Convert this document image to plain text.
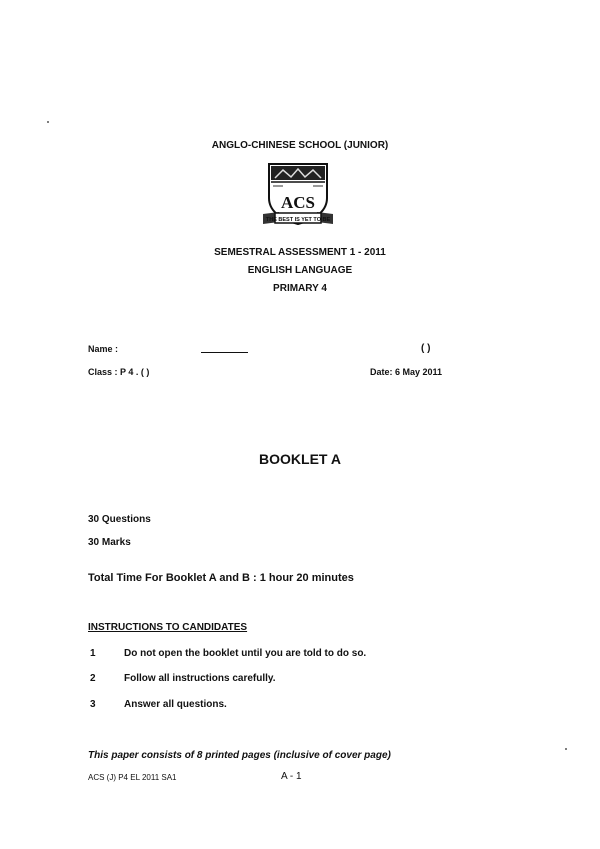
ANGLO-CHINESE SCHOOL (JUNIOR)
ACS
THE BEST IS YET TO BE
SEMESTRAL ASSESSMENT 1 - 2011
ENGLISH LANGUAGE
PRIMARY 4
Name :	( )
Class : P 4 . ( )	Date: 6 May 2011
BOOKLET A
30 Questions
30 Marks
Total Time For Booklet A and B : 1 hour 20 minutes
INSTRUCTIONS TO CANDIDATES
1	Do not open the booklet until you are told to do so.
2	Follow all instructions carefully.
3	Answer all questions.
This paper consists of 8 printed pages (inclusive of cover page)
ACS (J) P4 EL 2011 SA1	A - 1
